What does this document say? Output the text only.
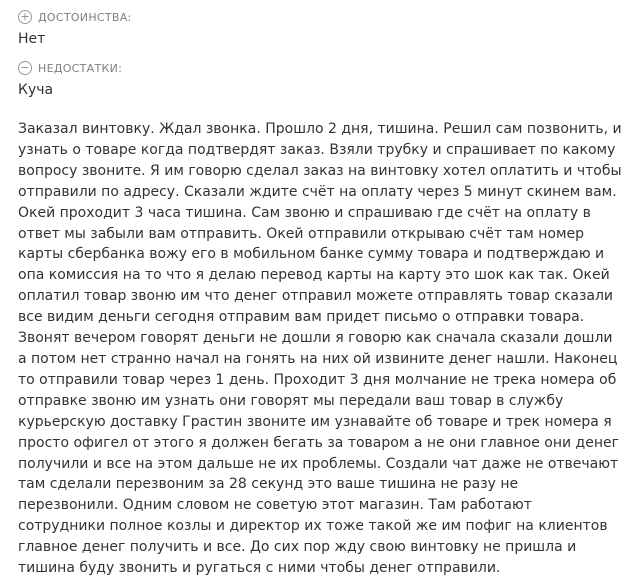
+ ДОСТОИНСТВА:
Нет
− НЕДОСТАТКИ:
Куча

Заказал винтовку. Ждал звонка. Прошло 2 дня, тишина. Решил сам позвонить, и узнать о товаре когда подтвердят заказ. Взяли трубку и спрашивает по какому вопросу звоните. Я им говорю сделал заказ на винтовку хотел оплатить и чтобы отправили по адресу. Сказали ждите счёт на оплату через 5 минут скинем вам. Окей проходит 3 часа тишина. Сам звоню и спрашиваю где счёт на оплату в ответ мы забыли вам отправить. Окей отправили открываю счёт там номер карты сбербанка вожу его в мобильном банке сумму товара и подтверждаю и опа комиссия на то что я делаю перевод карты на карту это шок как так. Окей оплатил товар звоню им что денег отправил можете отправлять товар сказали все видим деньги сегодня отправим вам придет письмо о отправки товара. Звонят вечером говорят деньги не дошли я говорю как сначала сказали дошли а потом нет странно начал на гонять на них ой извините денег нашли. Наконец то отправили товар через 1 день. Проходит 3 дня молчание не трека номера об отправке звоню им узнать они говорят мы передали ваш товар в службу курьерскую доставку Грастин звоните им узнавайте об товаре и трек номера я просто офигел от этого я должен бегать за товаром а не они главное они денег получили и все на этом дальше не их проблемы. Создали чат даже не отвечают там сделали перезвоним за 28 секунд это ваше тишина не разу не перезвонили. Одним словом не советую этот магазин. Там работают сотрудники полное козлы и директор их тоже такой же им пофиг на клиентов главное денег получить и все. До сих пор жду свою винтовку не пришла и тишина буду звонить и ругаться с ними чтобы денег отправили.
